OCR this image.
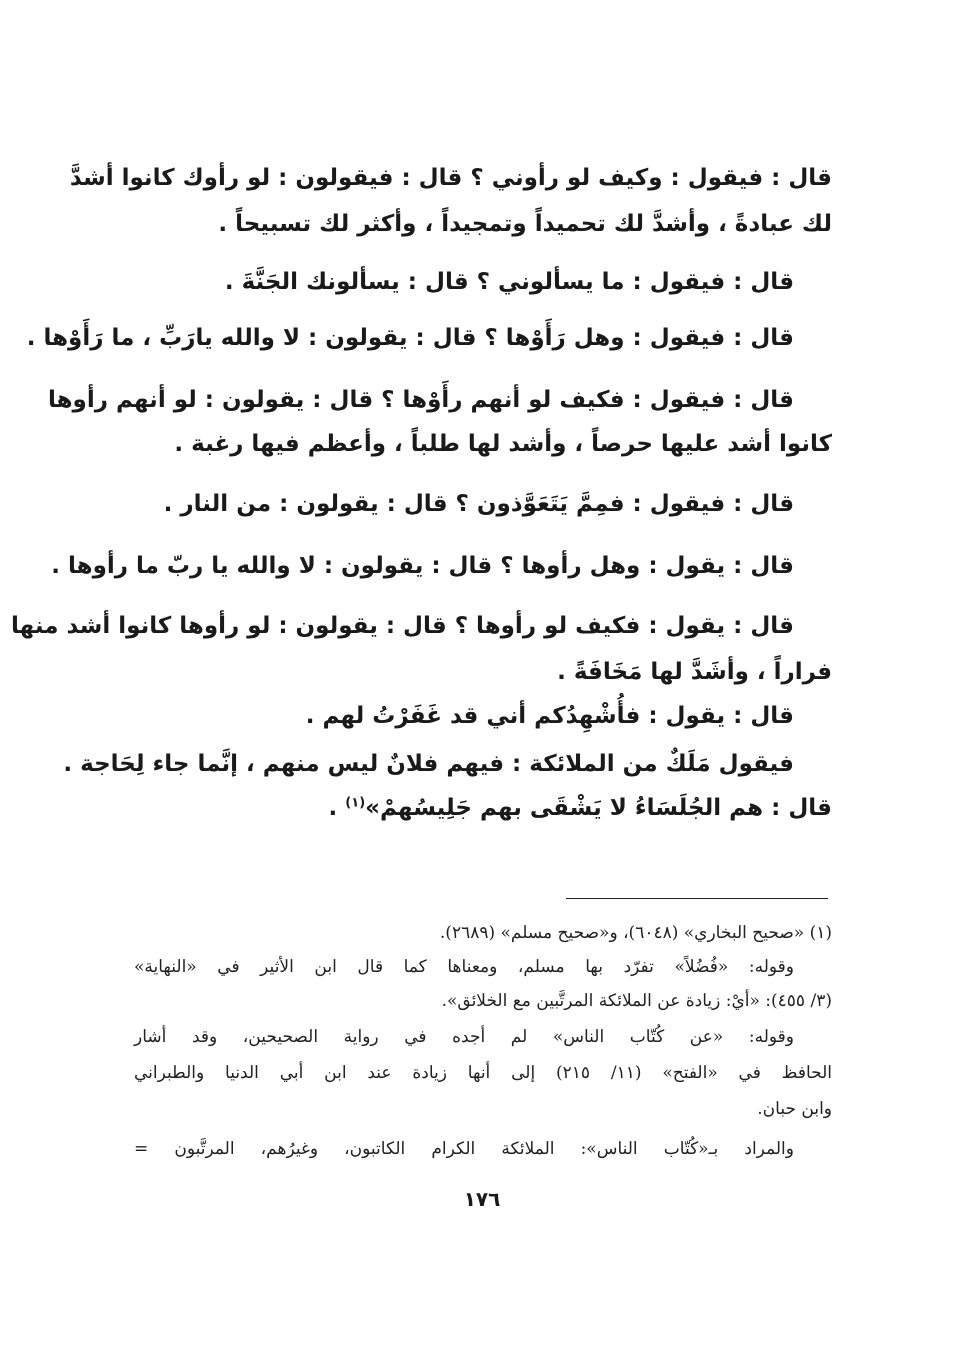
قال : فيقول : وكيف لو رأوني ؟ قال : فيقولون : لو رأوك كانوا أشدَّ
لك عبادةً ، وأشدَّ لك تحميداً وتمجيداً ، وأكثر لك تسبيحاً .
قال : فيقول : ما يسألوني ؟ قال : يسألونك الجَنَّةَ .
قال : فيقول : وهل رَأَوْها ؟ قال : يقولون : لا والله يارَبِّ ، ما رَأَوْها .
قال : فيقول : فكيف لو أنهم رأَوْها ؟ قال : يقولون : لو أنهم رأوها
كانوا أشد عليها حرصاً ، وأشد لها طلباً ، وأعظم فيها رغبة .
قال : فيقول : فمِمَّ يَتَعَوَّذون ؟ قال : يقولون : من النار .
قال : يقول : وهل رأوها ؟ قال : يقولون : لا والله يا ربّ ما رأوها .
قال : يقول : فكيف لو رأوها ؟ قال : يقولون : لو رأوها كانوا أشد منها
فراراً ، وأشَدَّ لها مَخَافَةً .
قال : يقول : فأُشْهِدُكم أني قد غَفَرْتُ لهم .
فيقول مَلَكٌ من الملائكة : فيهم فلانٌ ليس منهم ، إنَّما جاء لِحَاجة .
قال : هم الجُلَسَاءُ لا يَشْقَى بهم جَلِيسُهمْ»$^{(١)}$ .
(١) «صحيح البخاري» (٦٠٤٨)، و«صحيح مسلم» (٢٦٨٩).
وقوله: «فُضُلاً» تفرّد بها مسلم، ومعناها كما قال ابن الأثير في «النهاية»
(٣/ ٤٥٥): «أيْ: زيادة عن الملائكة المرتَّبين مع الخلائق».
وقوله: «عن كُتّاب الناس» لم أجده في رواية الصحيحين، وقد أشار
الحافظ في «الفتح» (١١/ ٢١٥) إلى أنها زيادة عند ابن أبي الدنيا والطبراني
وابن حبان.
والمراد بـ«كُتّاب الناس»: الملائكة الكرام الكاتبون، وغيرُهم، المرتَّبون =
١٧٦
